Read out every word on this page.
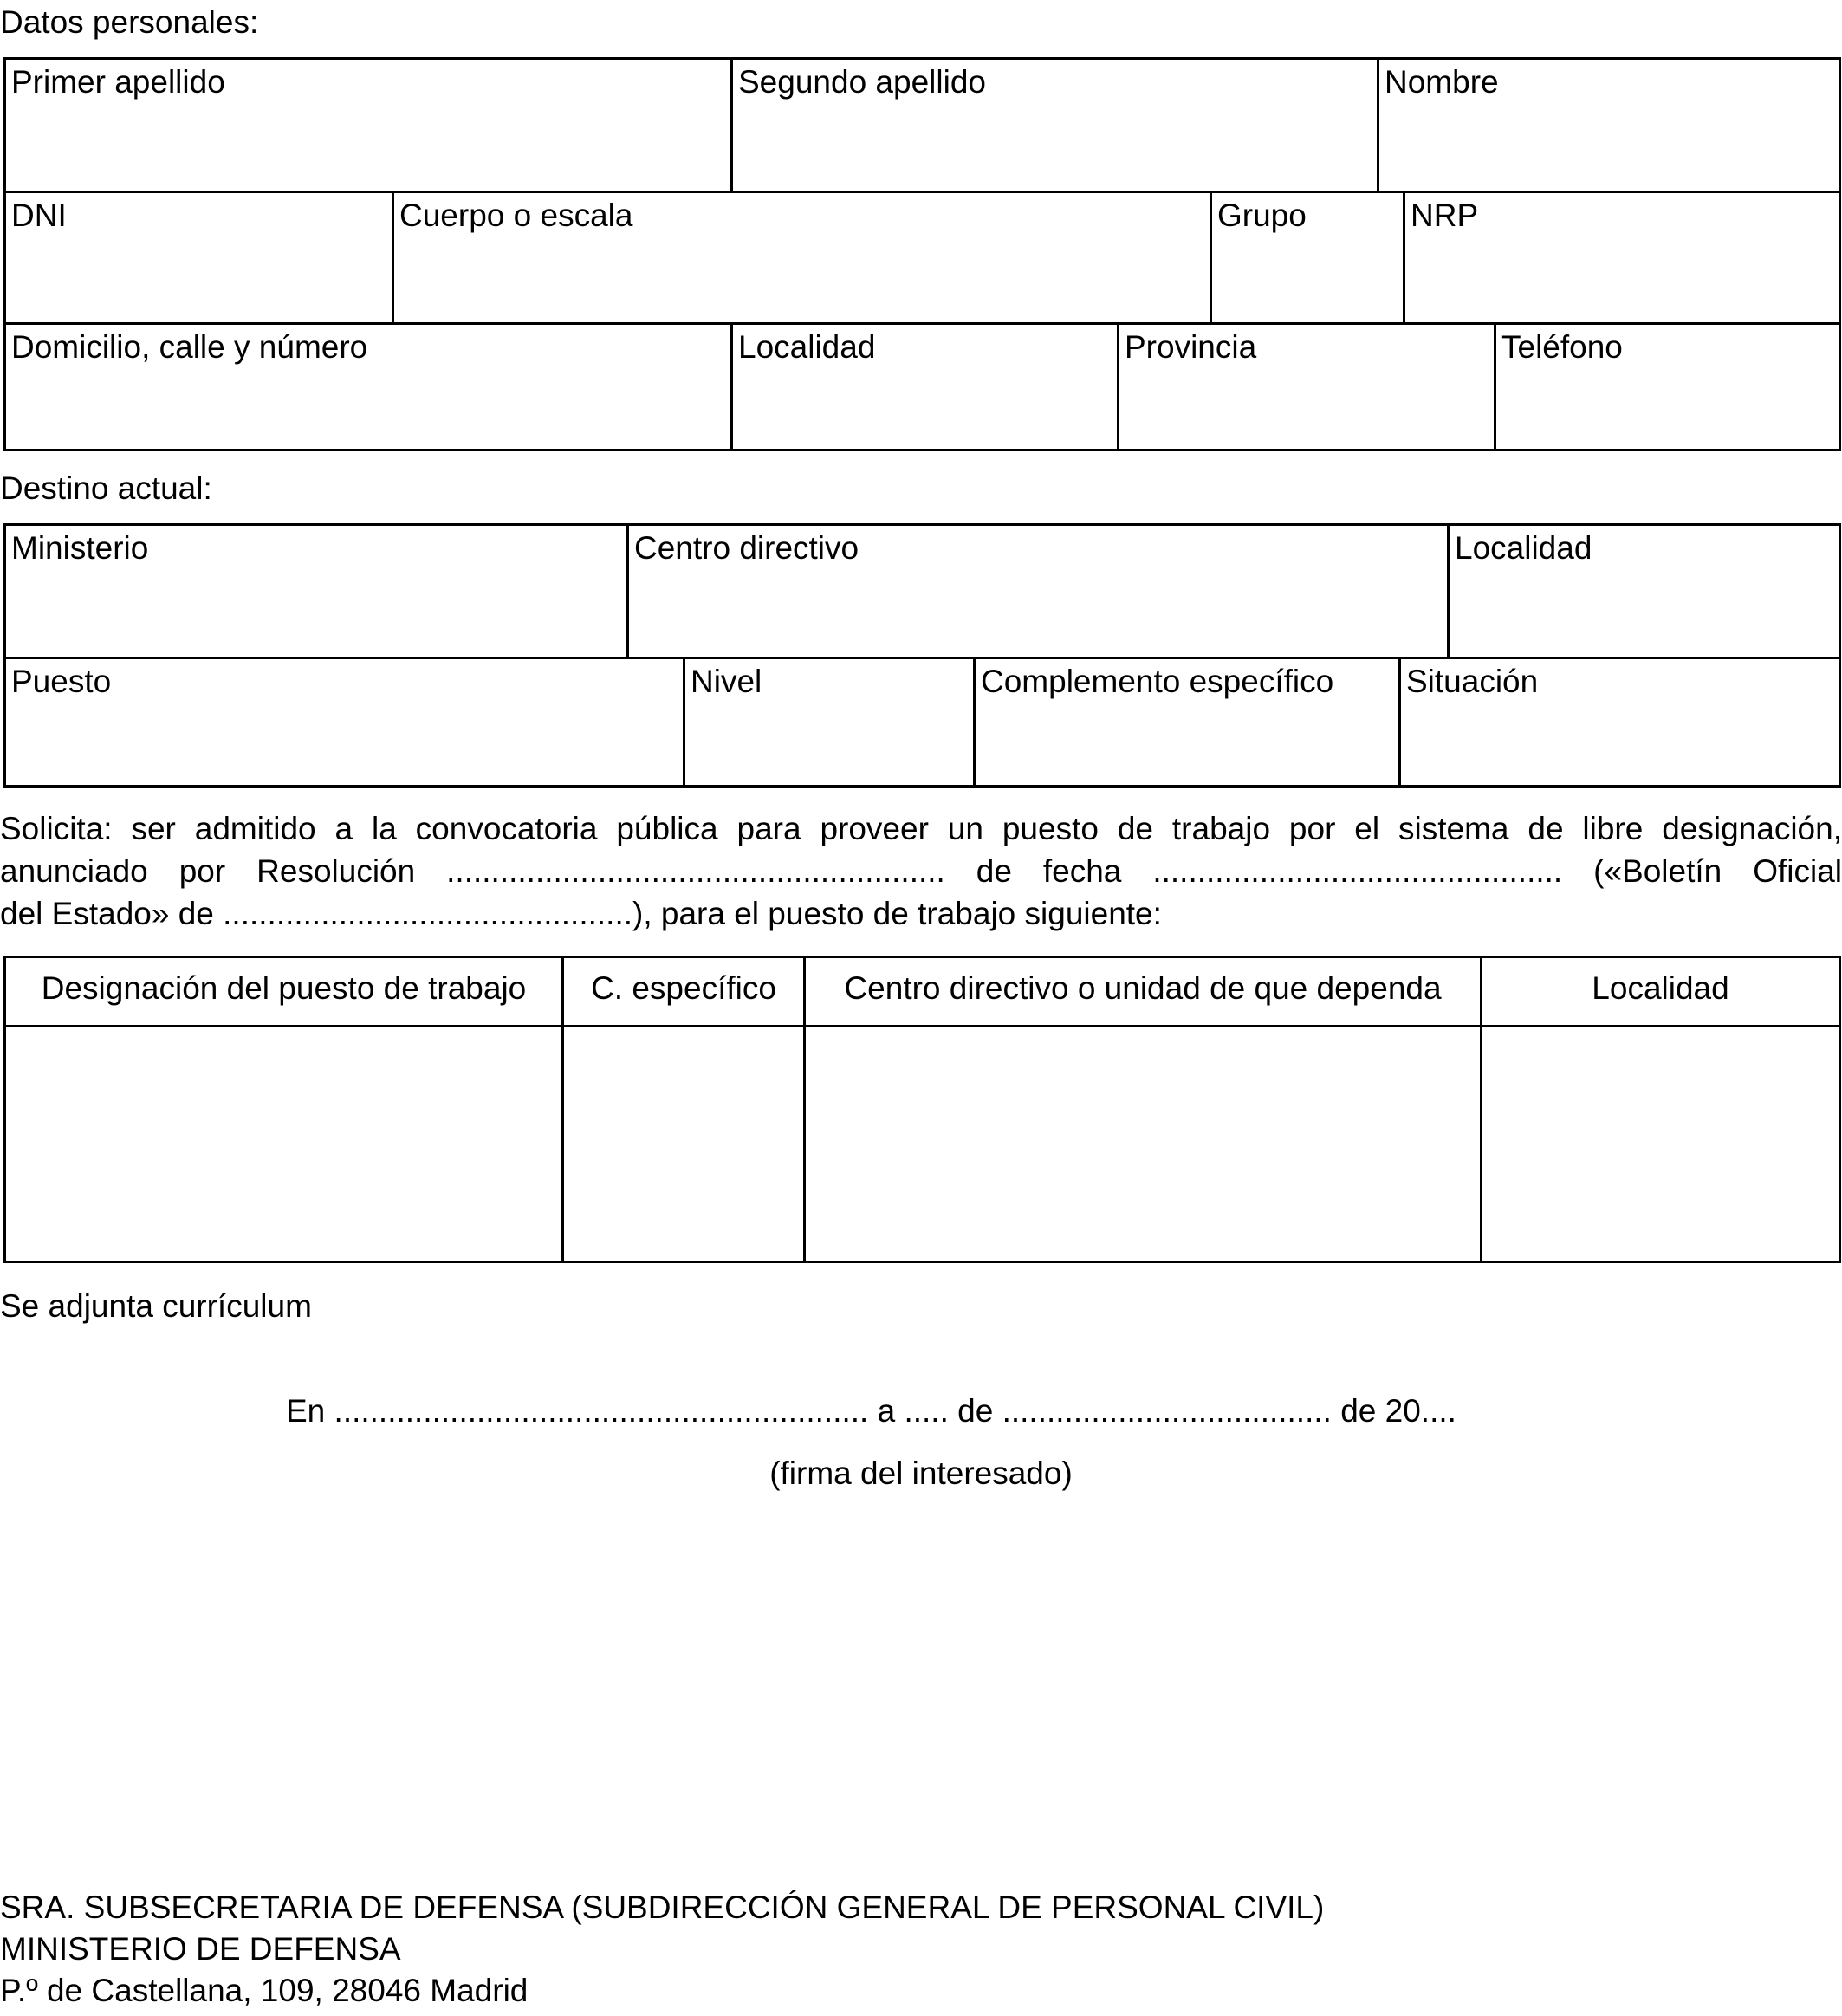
Datos personales:
Primer apellido	Segundo apellido	Nombre
DNI	Cuerpo o escala	Grupo	NRP
Domicilio, calle y número	Localidad	Provincia	Teléfono
Destino actual:
Ministerio	Centro directivo	Localidad
Puesto	Nivel	Complemento específico	Situación
Solicita: ser admitido a la convocatoria pública para proveer un puesto de trabajo por el sistema de libre designación,
anunciado por Resolución ........................................................ de fecha .............................................. («Boletín Oficial
del Estado» de ..............................................), para el puesto de trabajo siguiente:
Designación del puesto de trabajo	C. específico	Centro directivo o unidad de que dependa	Localidad
Se adjunta currículum
En ............................................................ a ..... de ..................................... de 20....
(firma del interesado)
SRA. SUBSECRETARIA DE DEFENSA (SUBDIRECCIÓN GENERAL DE PERSONAL CIVIL)
MINISTERIO DE DEFENSA
P.º de Castellana, 109, 28046 Madrid
